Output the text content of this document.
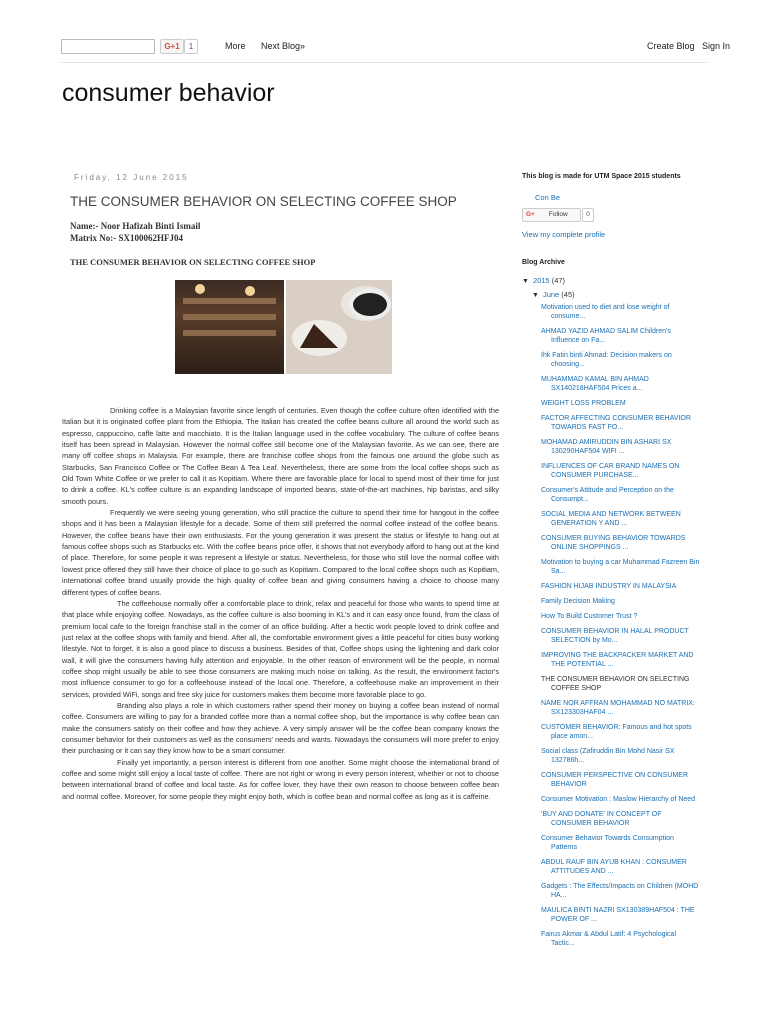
G+1	1	More Next Blog»	Create Blog Sign In
consumer behavior
Friday, 12 June 2015
THE CONSUMER BEHAVIOR ON SELECTING COFFEE SHOP
Name:- Noor Hafizah Binti Ismail
Matrix No:- SX100062HFJ04
THE CONSUMER BEHAVIOR ON SELECTING COFFEE SHOP

Drinking coffee is a Malaysian favorite since length of centuries. Even though the coffee culture often identified with the Italian but it is originated coffee plant from the Ethiopia. The Italian has created the coffee beans culture all around the world such as espresso, cappuccino, caffe latte and macchiato. It is the Italian language used in the coffee vocabulary. The culture of coffee beans itself has been spread in Malaysian. However the normal coffee still become one of the Malaysian favorite. As we can see, there are many off coffee shops in Malaysia. For example, there are franchise coffee shops from the famous one around the globe such as Starbucks, San Francisco Coffee or The Coffee Bean & Tea Leaf. Nevertheless, there are some from the local coffee shops such as Old Town White Coffee or we prefer to call it as Kopitiam. Where there are favorable place for local to spend most of their time for just to drink a coffee. KL's coffee culture is an expanding landscape of imported beans, state-of-the-art machines, hip baristas, and silky smooth pours.

Frequently we were seeing young generation, who still practice the culture to spend their time for hangout in the coffee shops and it has been a Malaysian lifestyle for a decade. Some of them still preferred the normal coffee instead of the coffee beans. However, the coffee beans have their own enthusiasts. For the young generation it was present the status or lifestyle to hang out at famous coffee shops such as Starbucks etc. With the coffee beans price offer, it shows that not everybody afford to hang out at the kind of place. Therefore, for some people it was represent a lifestyle or status. Nevertheless, for those who still love the normal coffee with lowest price offered they still have their choice of place to go such as Kopitiam. Compared to the local coffee shops such as Kopitiam, international coffee brand usually provide the high quality of coffee bean and giving consumers having a choice to choose many different types of coffee beans.

The coffeehouse normally offer a comfortable place to drink, relax and peaceful for those who wants to spend time at that place while enjoying coffee. Nowadays, as the coffee culture is also booming in KL's and it can easy once found, from the class of premium local cafe to the foreign franchise stall in the corner of an office building. After a hectic work people loved to drink coffee and just relax at the coffee shops with family and friend. After all, the comfortable environment gives a little peaceful for cities busy working lifestyle. Not to forget, it is also a good place to discuss a business. Besides of that, Coffee shops using the lightening and dark color wall, it will give the consumers having fully attention and enjoyable. In the other reason of environment will be the people, in normal coffee shop might usually be able to see those consumers are making much noise on talking. As the result, the environment factor's most influence consumer to go for a coffeehouse instead of the local one. Therefore, a coffeehouse make an improvement in their services, provided WiFi, songs and free sky juice for customers makes them become more favorable place to go.

Branding also plays a role in which customers rather spend their money on buying a coffee bean instead of normal coffee. Consumers are willing to pay for a branded coffee more than a normal coffee shop, but the importance is why coffee bean can make the consumers satisfy on their coffee and how they achieve. A very simply answer will be the coffee bean company knows the consumer behavior for their customers as well as the consumers' needs and wants. Nowadays the consumers will more prefer to enjoy their purchasing or it can say they know how to be a smart consumer.

Finally yet importantly, a person interest is different from one another. Some might choose the international brand of coffee and some might still enjoy a local taste of coffee. There are not right or wrong in every person interest, whether or not to choose between international brand of coffee and local taste. As for coffee lover, they have their own reason to choose between coffee bean and normal coffee. Moreover, for some people they might enjoy both, which is coffee bean and normal coffee as long as it is caffeine.

This blog is made for UTM Space 2015 students
Con Be
G+ Follow	0
View my complete profile
Blog Archive
▼ 2015 (47)
▼ June (45)
Motivation used to diet and lose weight of consume...
AHMAD YAZID AHMAD SALIM Children's Influence on Fa...
Ihk Fatin binti Ahmad: Decision makers on choosing...
MUHAMMAD KAMAL BIN AHMAD SX140218HAF504 Prices a...
WEIGHT LOSS PROBLEM
FACTOR AFFECTING CONSUMER BEHAVIOR TOWARDS FAST FO...
MOHAMAD AMIRUDDIN BIN ASHARI SX 130290HAF504 WIFI ...
INFLUENCES OF CAR BRAND NAMES ON CONSUMER PURCHASE...
Consumer's Attitude and Perception on the Consumpt...
SOCIAL MEDIA AND NETWORK BETWEEN GENERATION Y AND ...
CONSUMER BUYING BEHAVIOR TOWARDS ONLINE SHOPPINGS ...
Motivation to buying a car Muhammad Fazreen Bin Sa...
FASHION HIJAB INDUSTRY IN MALAYSIA
Family Decision Making
How To Build Customer Trust ?
CONSUMER BEHAVIOR IN HALAL PRODUCT SELECTION by Mo...
IMPROVING THE BACKPACKER MARKET AND THE POTENTIAL ...
THE CONSUMER BEHAVIOR ON SELECTING COFFEE SHOP
NAME NOR AFFRAN MOHAMMAD NO MATRIX: SX123303HAF04 ...
CUSTOMER BEHAVIOR: Famous and hot spots place amon...
Social class (Zafiruddin Bin Mohd Nasir SX 132786h...
CONSUMER PERSPECTIVE ON CONSUMER BEHAVIOR
Consumer Motivation : Maslow Hierarchy of Need
'BUY AND DONATE' IN CONCEPT OF CONSUMER BEHAVIOR
Consumer Behavior Towards Consumption Patterns
ABDUL RAUF BIN AYUB KHAN : CONSUMER ATTITUDES AND ...
Gadgets : The Effects/Impacts on Children (MOHD HA...
MAULICA BINTI NAZRI SX130389HAF504 : THE POWER OF ...
Fairus Akmar & Abdul Latif: 4 Psychological Tactic...
